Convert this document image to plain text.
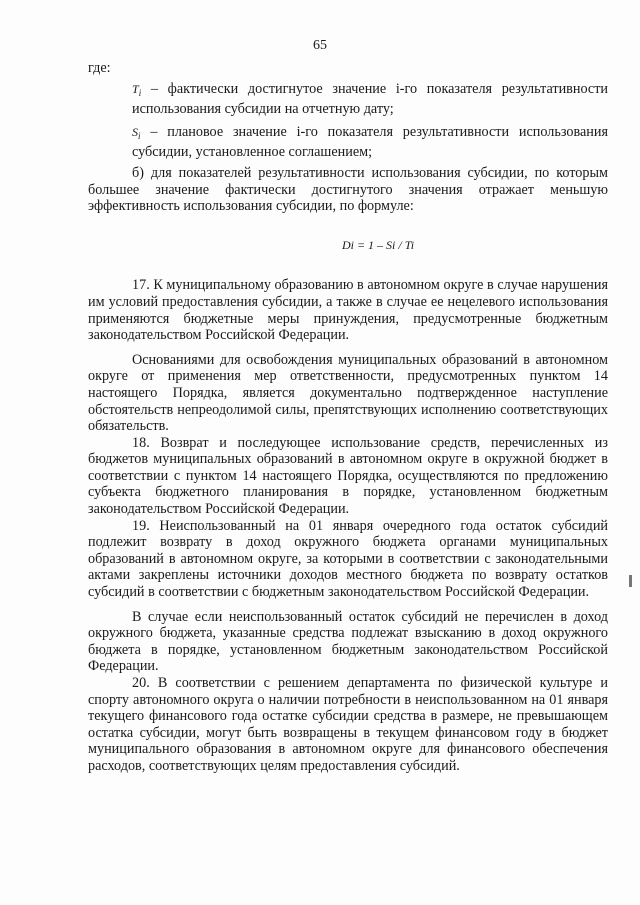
65

где:

$T_i$ – фактически достигнутое значение i-го показателя результативности использования субсидии на отчетную дату;

$S_i$ – плановое значение i-го показателя результативности использования субсидии, установленное соглашением;

б) для показателей результативности использования субсидии, по которым большее значение фактически достигнутого значения отражает меньшую эффективность использования субсидии, по формуле:

Di = 1 – Si / Ti

17. К муниципальному образованию в автономном округе в случае нарушения им условий предоставления субсидии, а также в случае ее нецелевого использования применяются бюджетные меры принуждения, предусмотренные бюджетным законодательством Российской Федерации.

Основаниями для освобождения муниципальных образований в автономном округе от применения мер ответственности, предусмотренных пунктом 14 настоящего Порядка, является документально подтвержденное наступление обстоятельств непреодолимой силы, препятствующих исполнению соответствующих обязательств.

18. Возврат и последующее использование средств, перечисленных из бюджетов муниципальных образований в автономном округе в окружной бюджет в соответствии с пунктом 14 настоящего Порядка, осуществляются по предложению субъекта бюджетного планирования в порядке, установленном бюджетным законодательством Российской Федерации.

19. Неиспользованный на 01 января очередного года остаток субсидий подлежит возврату в доход окружного бюджета органами муниципальных образований в автономном округе, за которыми в соответствии с законодательными актами закреплены источники доходов местного бюджета по возврату остатков субсидий в соответствии с бюджетным законодательством Российской Федерации.

В случае если неиспользованный остаток субсидий не перечислен в доход окружного бюджета, указанные средства подлежат взысканию в доход окружного бюджета в порядке, установленном бюджетным законодательством Российской Федерации.

20. В соответствии с решением департамента по физической культуре и спорту автономного округа о наличии потребности в неиспользованном на 01 января текущего финансового года остатке субсидии средства в размере, не превышающем остатка субсидии, могут быть возвращены в текущем финансовом году в бюджет муниципального образования в автономном округе для финансового обеспечения расходов, соответствующих целям предоставления субсидий.
